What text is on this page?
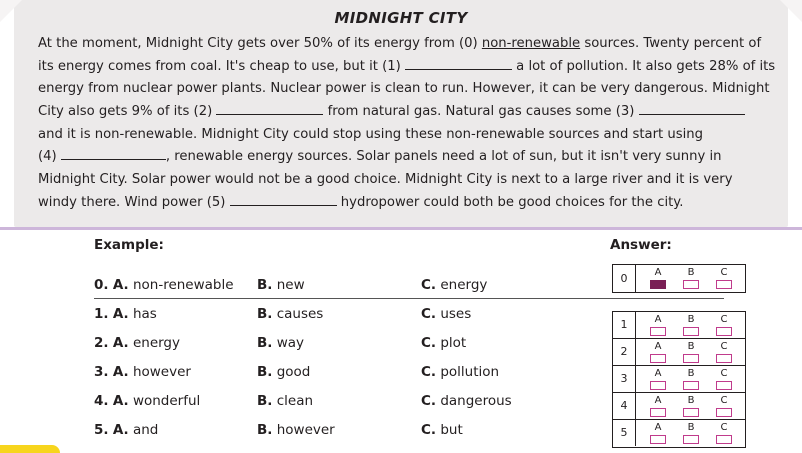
MIDNIGHT CITY
At the moment, Midnight City gets over 50% of its energy from (0) non-renewable sources. Twenty percent of
its energy comes from coal. It's cheap to use, but it (1)	a lot of pollution. It also gets 28% of its
energy from nuclear power plants. Nuclear power is clean to run. However, it can be very dangerous. Midnight
City also gets 9% of its (2)	from natural gas. Natural gas causes some (3)
and it is non-renewable. Midnight City could stop using these non-renewable sources and start using
(4)	, renewable energy sources. Solar panels need a lot of sun, but it isn't very sunny in
Midnight City. Solar power would not be a good choice. Midnight City is next to a large river and it is very
windy there. Wind power (5)	hydropower could both be good choices for the city.
Example:	Answer:
0. A. non-renewable B. new	C. energy
1. A. has	B. causes	C. uses
2. A. energy	B. way	C. plot
3. A. however	B. good	C. pollution
4. A. wonderful	B. clean	C. dangerous
5. A. and	B. however	C. but
0	A	B	C
1	A	B	C
2	A	B	C
3	A	B	C
4	A	B	C
5	A	B	C
